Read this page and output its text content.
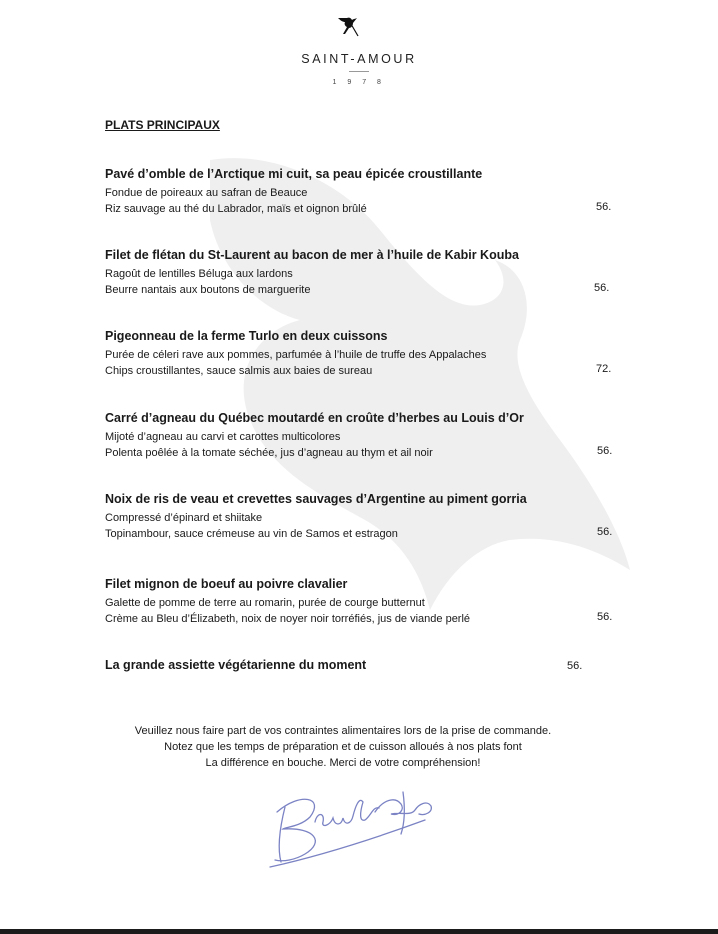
SAINT-AMOUR
1 9 7 8
PLATS PRINCIPAUX
Pavé d’omble de l’Arctique mi cuit, sa peau épicée croustillante
Fondue de poireaux au safran de Beauce
Riz sauvage au thé du Labrador, maïs et oignon brûlé	56.
Filet de flétan du St-Laurent au bacon de mer à l’huile de Kabir Kouba
Ragoût de lentilles Béluga aux lardons
Beurre nantais aux boutons de marguerite	56.
Pigeonneau de la ferme Turlo en deux cuissons
Purée de céleri rave aux pommes, parfumée à l’huile de truffe des Appalaches
Chips croustillantes, sauce salmis aux baies de sureau	72.
Carré d’agneau du Québec moutardé en croûte d’herbes au Louis d’Or
Mijoté d’agneau au carvi et carottes multicolores
Polenta poêlée à la tomate séchée, jus d’agneau au thym et ail noir	56.
Noix de ris de veau et crevettes sauvages d’Argentine au piment gorria
Compressé d’épinard et shiitake
Topinambour, sauce crémeuse au vin de Samos et estragon	56.
Filet mignon de boeuf au poivre clavalier
Galette de pomme de terre au romarin, purée de courge butternut
Crème au Bleu d’Élizabeth, noix de noyer noir torréfiés, jus de viande perlé	56.
La grande assiette végétarienne du moment	56.
Veuillez nous faire part de vos contraintes alimentaires lors de la prise de commande.
Notez que les temps de préparation et de cuisson alloués à nos plats font
La différence en bouche. Merci de votre compréhension!
